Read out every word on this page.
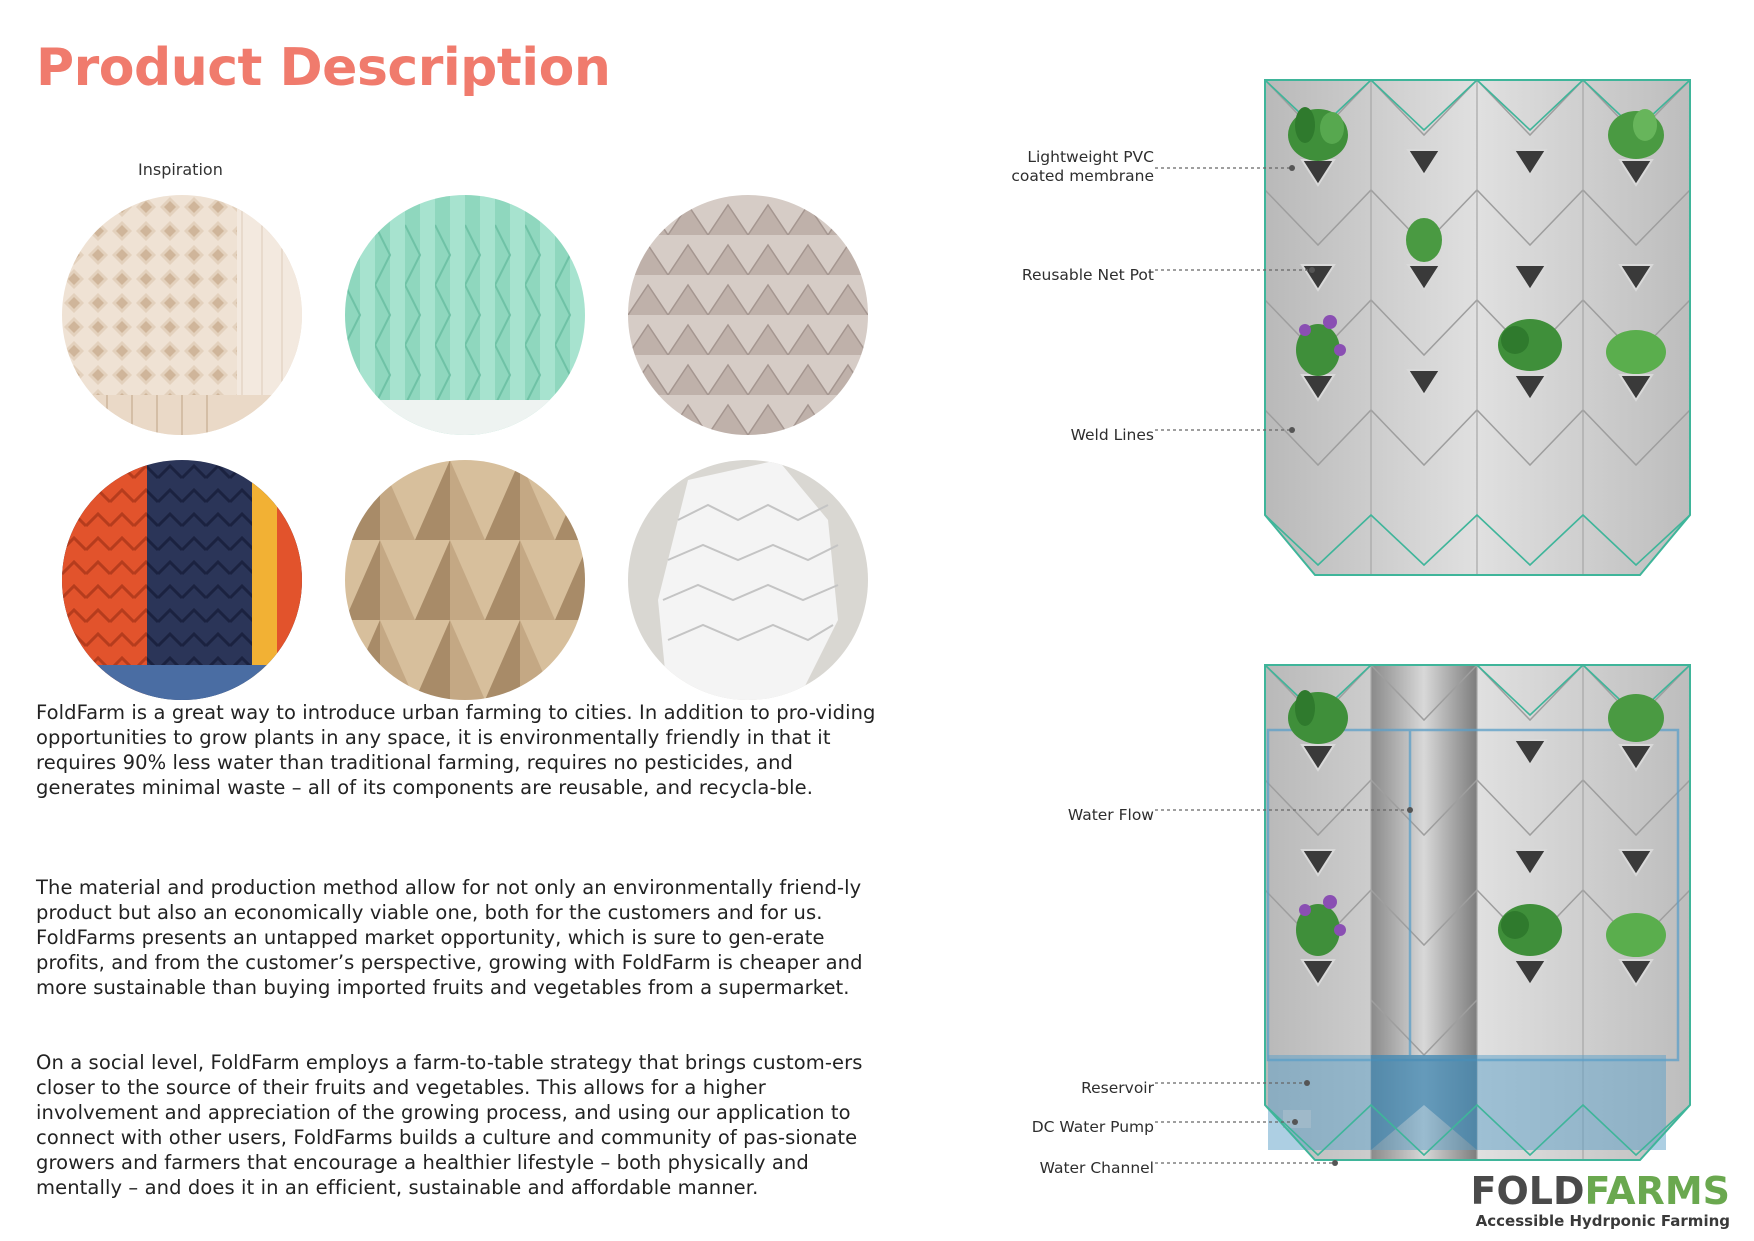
Product Description
Inspiration

FoldFarm is a great way to introduce urban farming to cities. In addition to pro-viding opportunities to grow plants in any space, it is environmentally friendly in that it requires 90% less water than traditional farming, requires no pesticides, and generates minimal waste – all of its components are reusable, and recycla-ble.

The material and production method allow for not only an environmentally friend-ly product but also an economically viable one, both for the customers and for us. FoldFarms presents an untapped market opportunity, which is sure to gen-erate profits, and from the customer’s perspective, growing with FoldFarm is cheaper and more sustainable than buying imported fruits and vegetables from a supermarket.

On a social level, FoldFarm employs a farm-to-table strategy that brings custom-ers closer to the source of their fruits and vegetables. This allows for a higher involvement and appreciation of the growing process, and using our application to connect with other users, FoldFarms builds a culture and community of pas-sionate growers and farmers that encourage a healthier lifestyle – both physically and mentally – and does it in an efficient, sustainable and affordable manner.

Lightweight PVC
coated membrane
Reusable Net Pot
Weld Lines
Water Flow
Reservoir
DC Water Pump
Water Channel
FOLDFARMS
Accessible Hydrponic Farming
